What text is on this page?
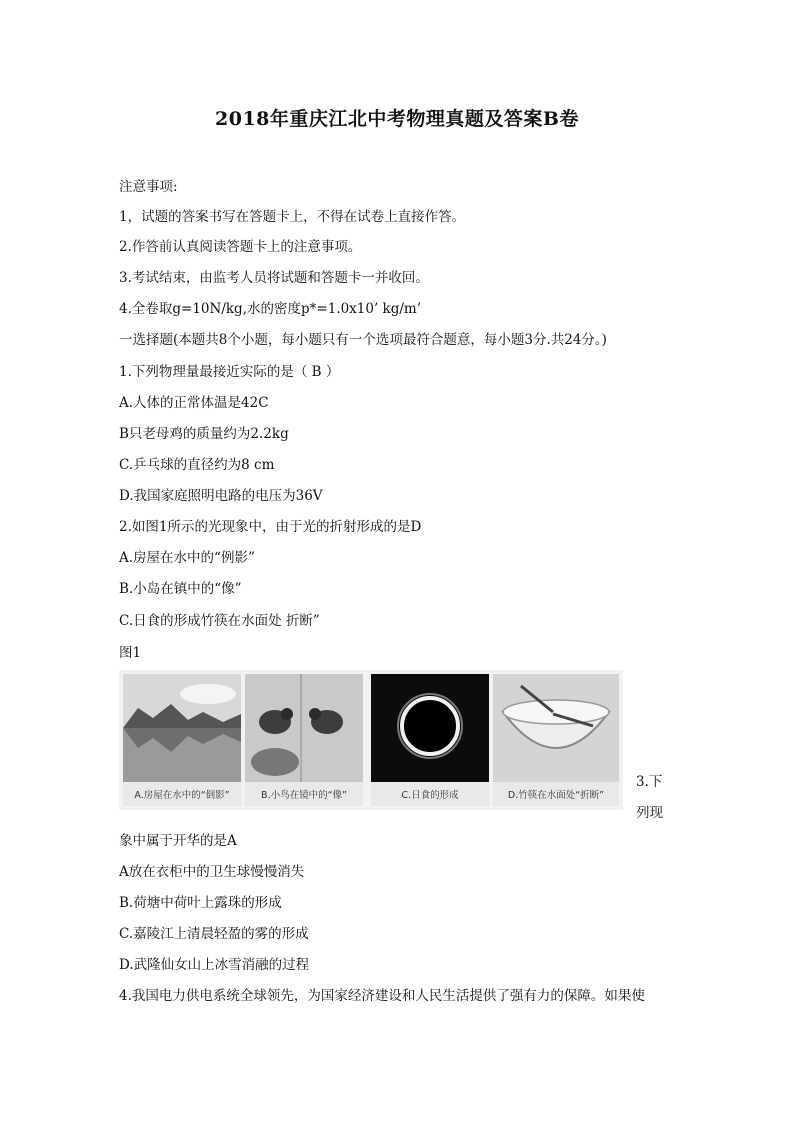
2018年重庆江北中考物理真题及答案B卷
注意事项:
1，试题的答案书写在答题卡上，不得在试卷上直接作答。
2.作答前认真阅读答题卡上的注意事项。
3.考试结束，由监考人员将试题和答题卡一并收回。
4.全卷取g=10N/kg,水的密度p*=1.0x10’ kg/m’
一选择题(本题共8个小题，每小题只有一个选项最符合题意，每小题3分.共24分。)
1.下列物理量最接近实际的是（ B ）
A.人体的正常体温是42C
B只老母鸡的质量约为2.2kg
C.乒乓球的直径约为8 cm
D.我国家庭照明电路的电压为36V
2.如图1所示的光现象中，由于光的折射形成的是D
A.房屋在水中的“例影”
B.小岛在镇中的“像”
C.日食的形成竹筷在水面处 折断”
图1
A.房屋在水中的“倒影”	B.小鸟在镜中的“像”	C.日食的形成	D.竹筷在水面处“折断”
3.下
列现
象中属于开华的是A
A放在衣柜中的卫生球慢慢消失
B.荷塘中荷叶上露珠的形成
C.嘉陵江上清晨轻盈的雾的形成
D.武隆仙女山上冰雪消融的过程
4.我国电力供电系统全球领先，为国家经济建设和人民生活提供了强有力的保障。如果使
